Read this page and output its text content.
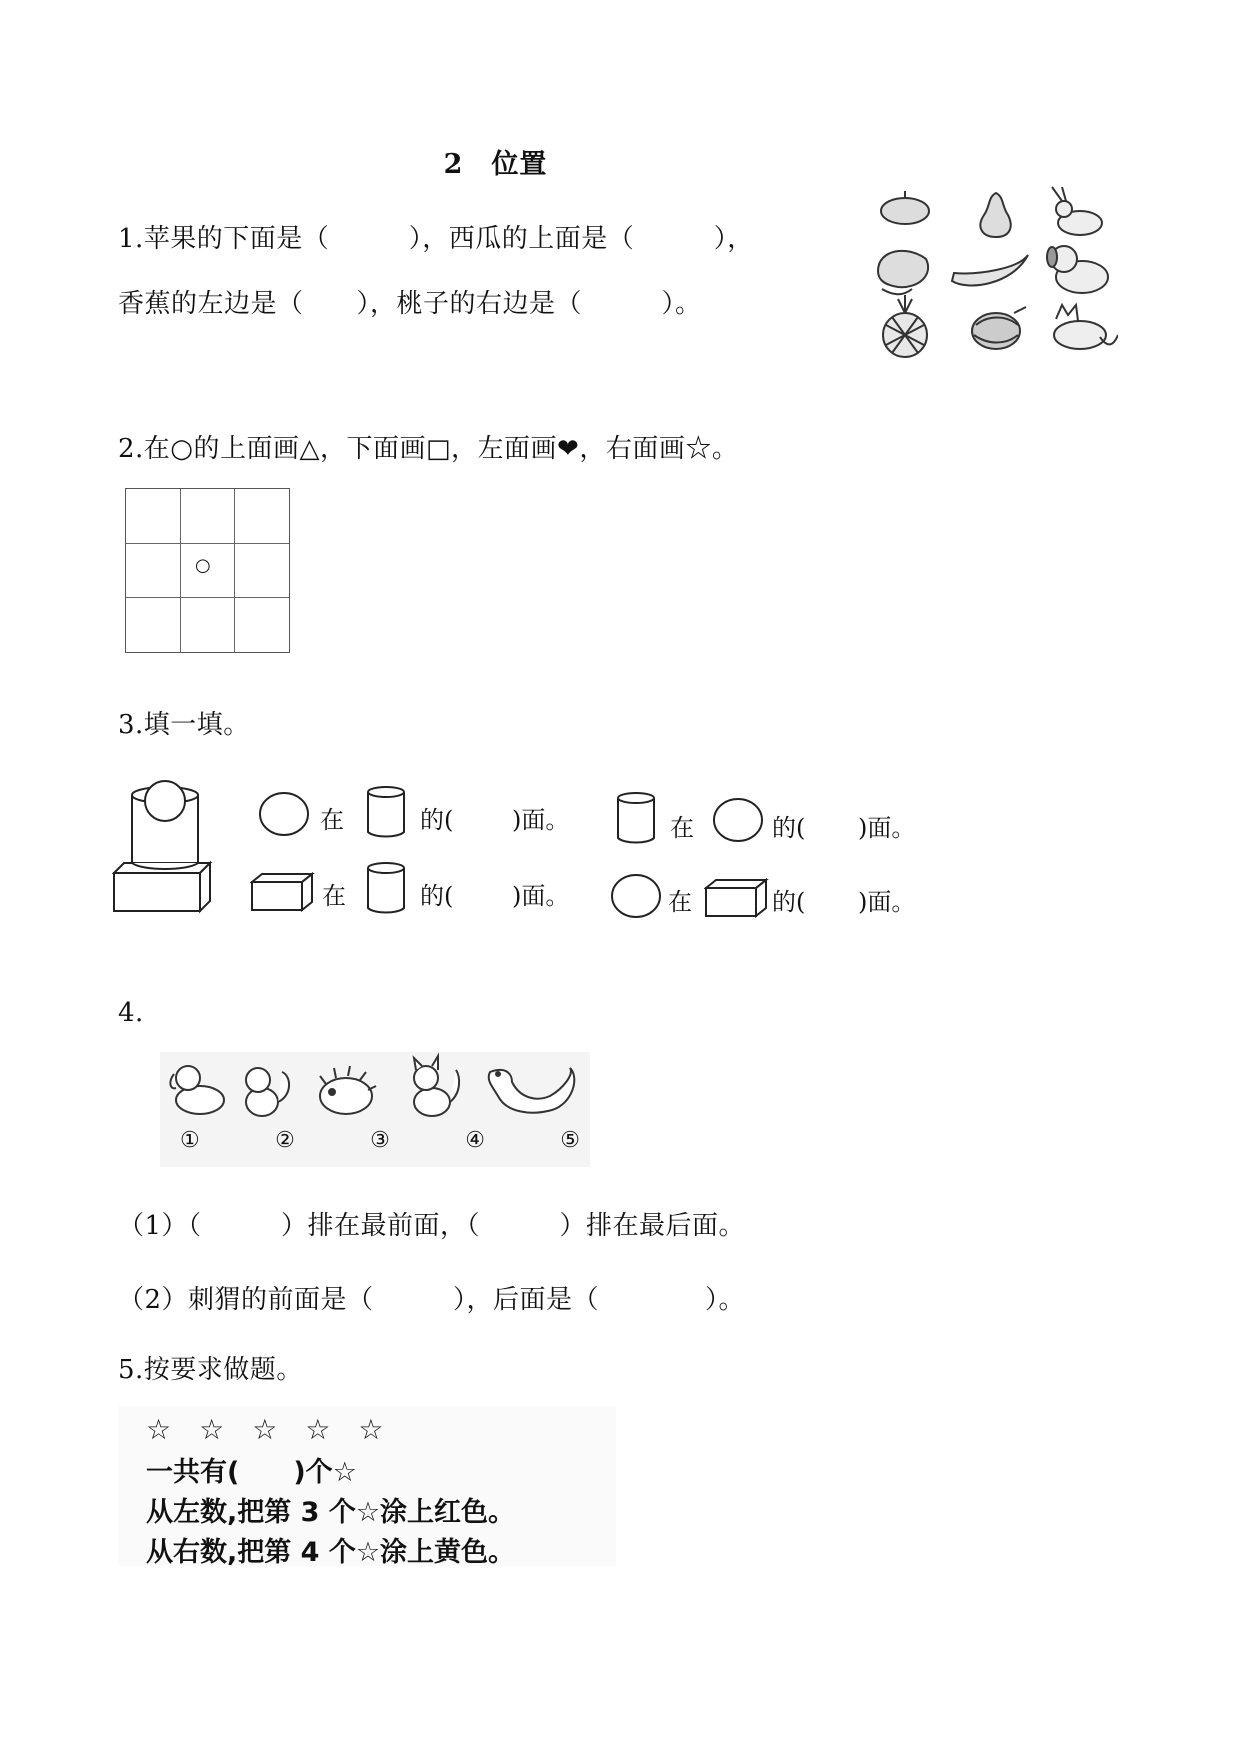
2　位置
1.苹果的下面是（　　　），西瓜的上面是（　　　），
香蕉的左边是（　　），桃子的右边是（　　　）。
2.在○的上面画△，下面画□，左面画❤，右面画☆。
○
3.填一填。
在	的( )面。	在	的( )面。
在	的( )面。	在	的( )面。
4.
①	②	③	④	⑤
（1）（　　　）排在最前面，（　　　）排在最后面。
（2）刺猬的前面是（　　　），后面是（　　　　）。
5.按要求做题。
☆　☆　☆　☆　☆
一共有(　　)个☆
从左数,把第 3 个☆涂上红色。
从右数,把第 4 个☆涂上黄色。
